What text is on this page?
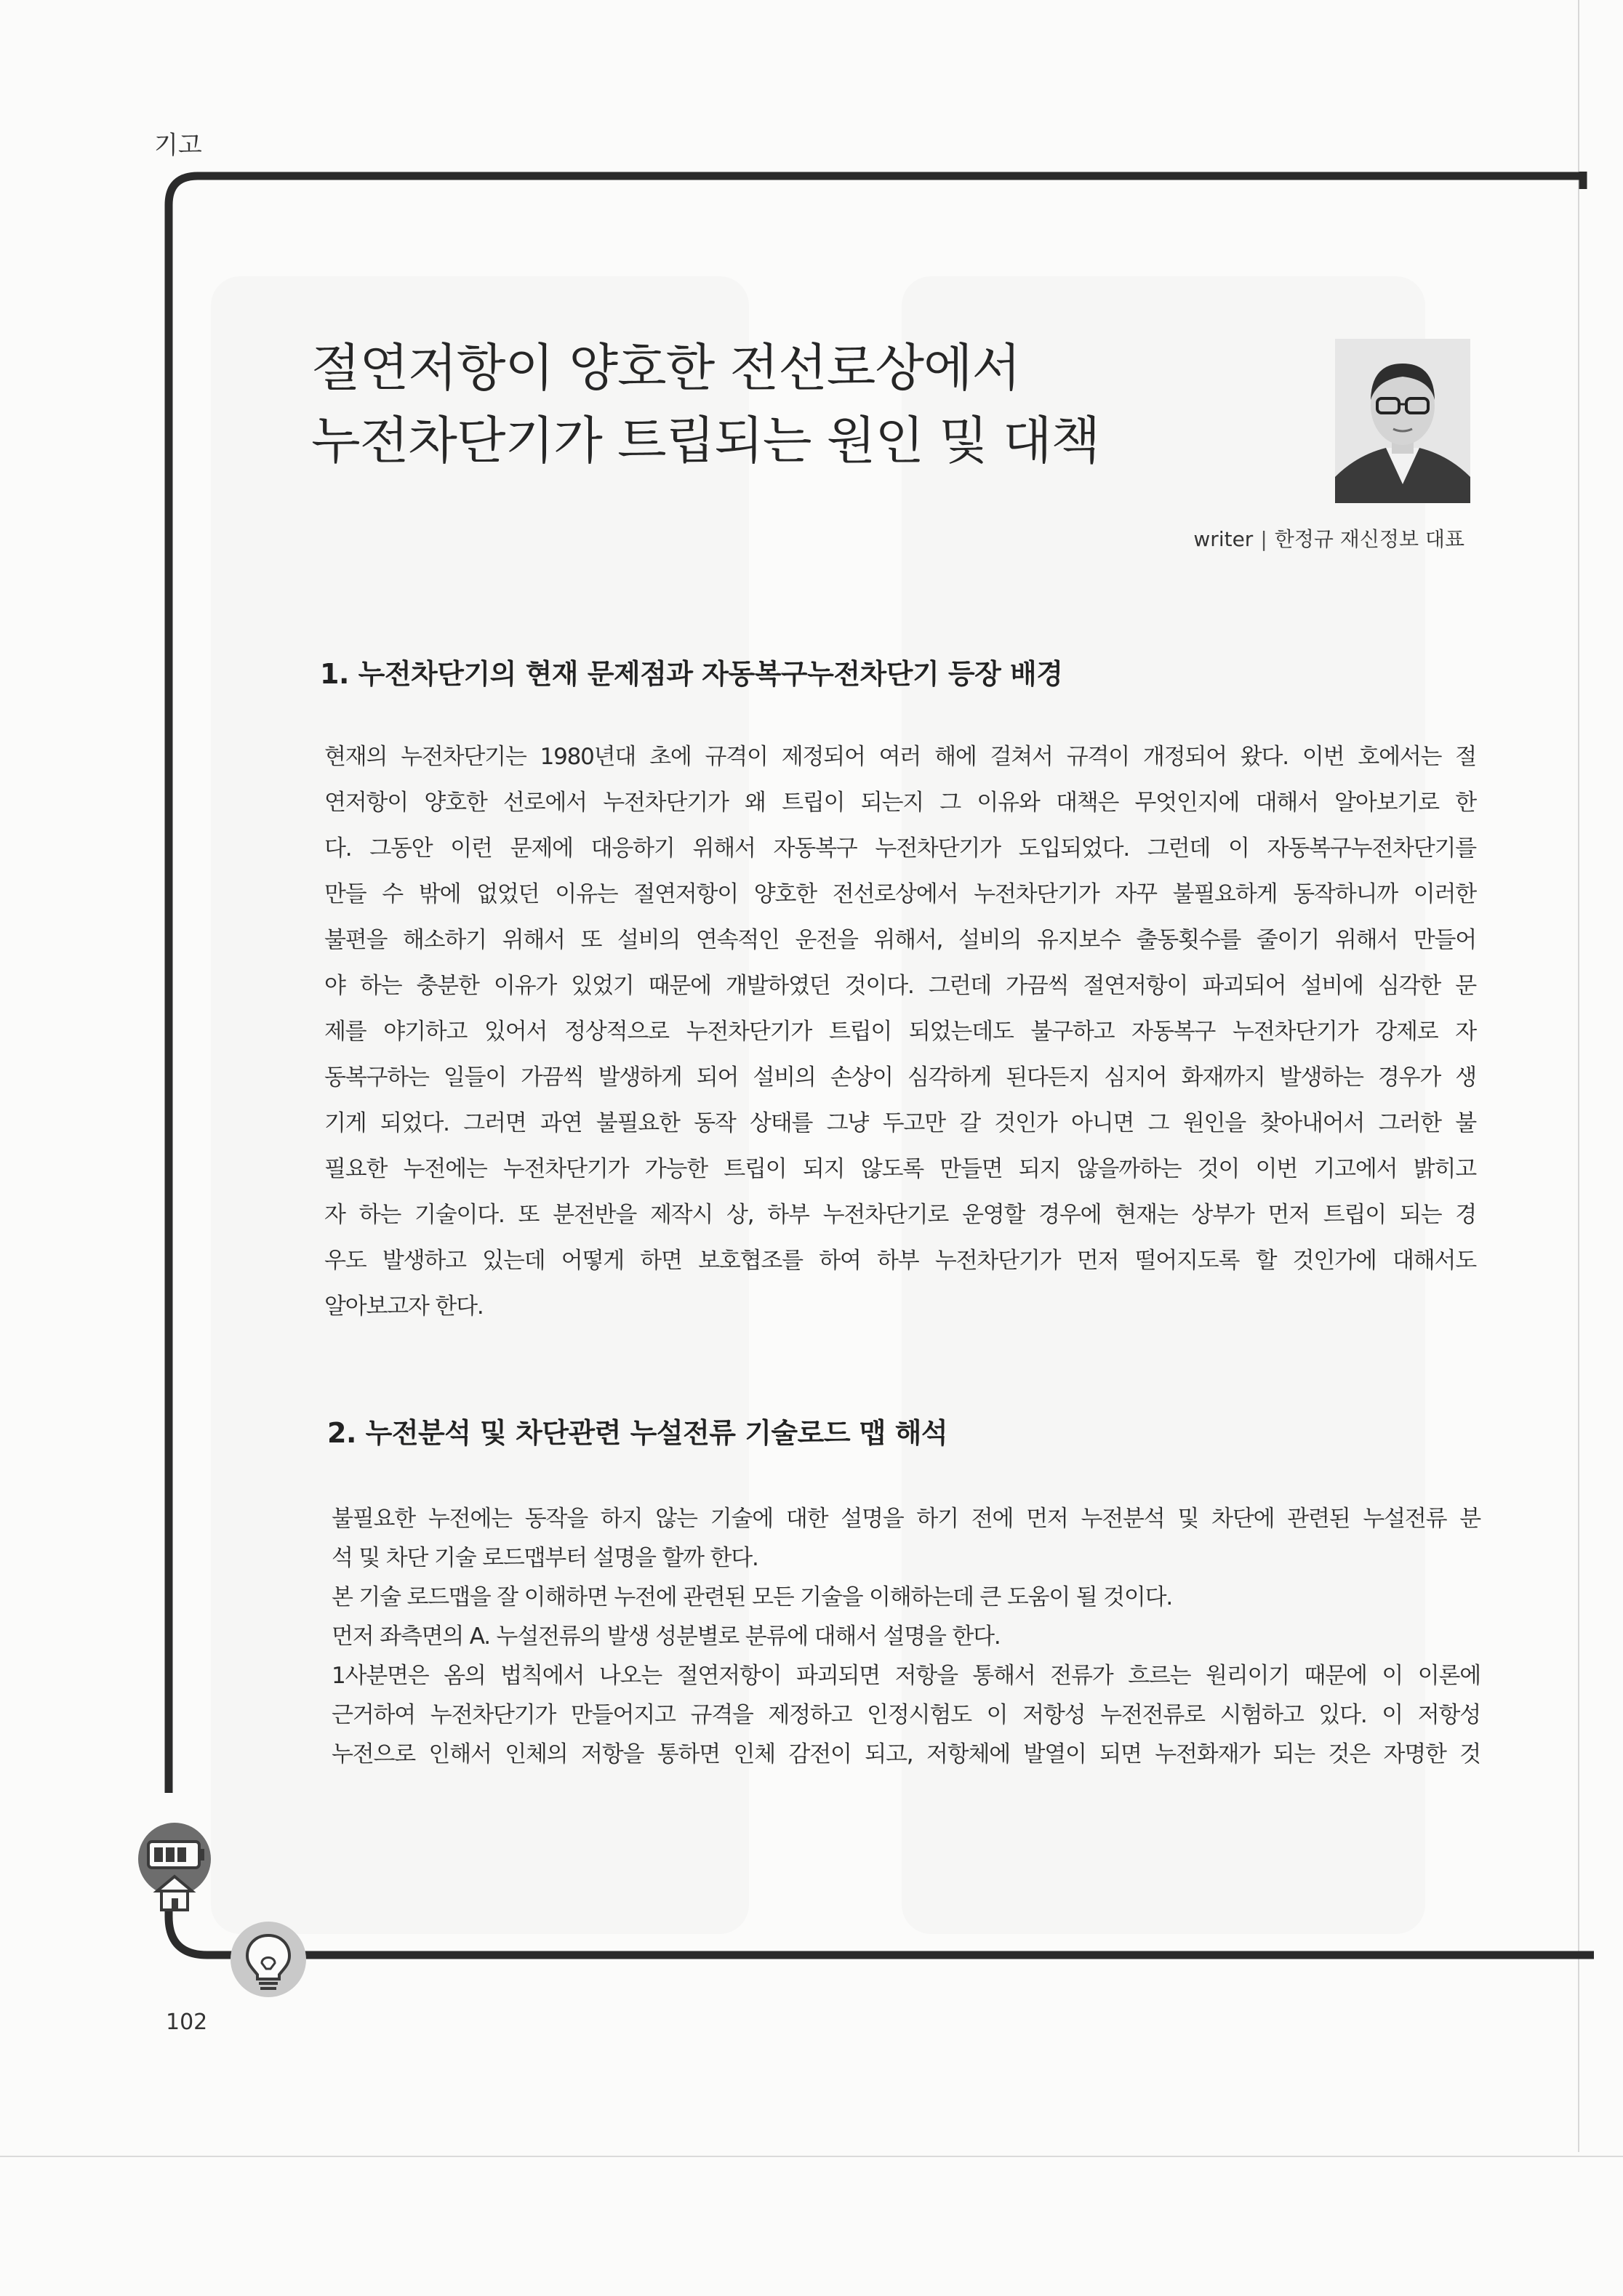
기고
절연저항이 양호한 전선로상에서
누전차단기가 트립되는 원인 및 대책
writer | 한정규 재신정보 대표
1. 누전차단기의 현재 문제점과 자동복구누전차단기 등장 배경
현재의 누전차단기는 1980년대 초에 규격이 제정되어 여러 해에 걸쳐서 규격이 개정되어 왔다. 이번 호에서는 절
연저항이 양호한 선로에서 누전차단기가 왜 트립이 되는지 그 이유와 대책은 무엇인지에 대해서 알아보기로 한
다. 그동안 이런 문제에 대응하기 위해서 자동복구 누전차단기가 도입되었다. 그런데 이 자동복구누전차단기를
만들 수 밖에 없었던 이유는 절연저항이 양호한 전선로상에서 누전차단기가 자꾸 불필요하게 동작하니까 이러한
불편을 해소하기 위해서 또 설비의 연속적인 운전을 위해서, 설비의 유지보수 출동횟수를 줄이기 위해서 만들어
야 하는 충분한 이유가 있었기 때문에 개발하였던 것이다. 그런데 가끔씩 절연저항이 파괴되어 설비에 심각한 문
제를 야기하고 있어서 정상적으로 누전차단기가 트립이 되었는데도 불구하고 자동복구 누전차단기가 강제로 자
동복구하는 일들이 가끔씩 발생하게 되어 설비의 손상이 심각하게 된다든지 심지어 화재까지 발생하는 경우가 생
기게 되었다. 그러면 과연 불필요한 동작 상태를 그냥 두고만 갈 것인가 아니면 그 원인을 찾아내어서 그러한 불
필요한 누전에는 누전차단기가 가능한 트립이 되지 않도록 만들면 되지 않을까하는 것이 이번 기고에서 밝히고
자 하는 기술이다. 또 분전반을 제작시 상, 하부 누전차단기로 운영할 경우에 현재는 상부가 먼저 트립이 되는 경
우도 발생하고 있는데 어떻게 하면 보호협조를 하여 하부 누전차단기가 먼저 떨어지도록 할 것인가에 대해서도
알아보고자 한다.
2. 누전분석 및 차단관련 누설전류 기술로드 맵 해석
불필요한 누전에는 동작을 하지 않는 기술에 대한 설명을 하기 전에 먼저 누전분석 및 차단에 관련된 누설전류 분
석 및 차단 기술 로드맵부터 설명을 할까 한다.
본 기술 로드맵을 잘 이해하면 누전에 관련된 모든 기술을 이해하는데 큰 도움이 될 것이다.
먼저 좌측면의 A. 누설전류의 발생 성분별로 분류에 대해서 설명을 한다.
1사분면은 옴의 법칙에서 나오는 절연저항이 파괴되면 저항을 통해서 전류가 흐르는 원리이기 때문에 이 이론에
근거하여 누전차단기가 만들어지고 규격을 제정하고 인정시험도 이 저항성 누전전류로 시험하고 있다. 이 저항성
누전으로 인해서 인체의 저항을 통하면 인체 감전이 되고, 저항체에 발열이 되면 누전화재가 되는 것은 자명한 것
102
